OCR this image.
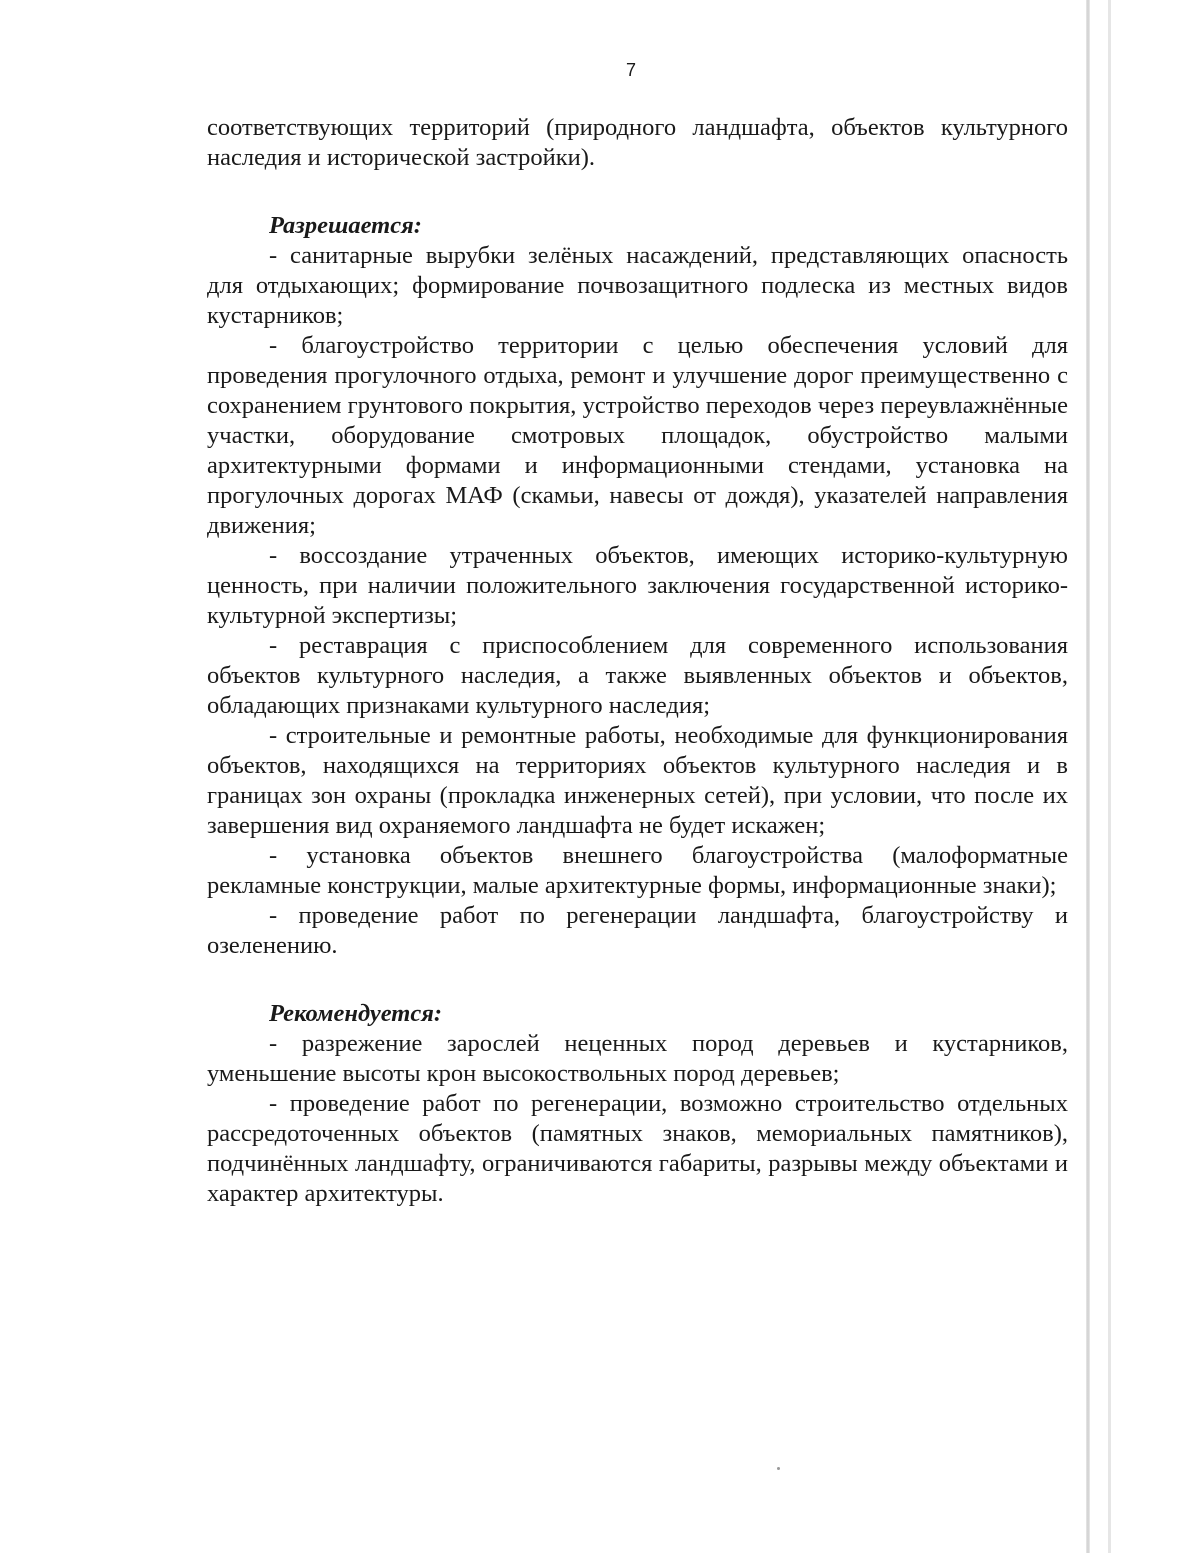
7

соответствующих территорий (природного ландшафта, объектов культурного наследия и исторической застройки).

Разрешается:

- санитарные вырубки зелёных насаждений, представляющих опасность для отдыхающих; формирование почвозащитного подлеска из местных видов кустарников;

- благоустройство территории с целью обеспечения условий для проведения прогулочного отдыха, ремонт и улучшение дорог преимущественно с сохранением грунтового покрытия, устройство переходов через переувлажнённые участки, оборудование смотровых площадок, обустройство малыми архитектурными формами и информационными стендами, установка на прогулочных дорогах МАФ (скамьи, навесы от дождя), указателей направления движения;

- воссоздание утраченных объектов, имеющих историко-культурную ценность, при наличии положительного заключения государственной историко-культурной экспертизы;

- реставрация с приспособлением для современного использования объектов культурного наследия, а также выявленных объектов и объектов, обладающих признаками культурного наследия;

- строительные и ремонтные работы, необходимые для функционирования объектов, находящихся на территориях объектов культурного наследия и в границах зон охраны (прокладка инженерных сетей), при условии, что после их завершения вид охраняемого ландшафта не будет искажен;

- установка объектов внешнего благоустройства (малоформатные рекламные конструкции, малые архитектурные формы, информационные знаки);

- проведение работ по регенерации ландшафта, благоустройству и озеленению.

Рекомендуется:

- разрежение зарослей неценных пород деревьев и кустарников, уменьшение высоты крон высокоствольных пород деревьев;

- проведение работ по регенерации, возможно строительство отдельных рассредоточенных объектов (памятных знаков, мемориальных памятников), подчинённых ландшафту, ограничиваются габариты, разрывы между объектами и характер архитектуры.
